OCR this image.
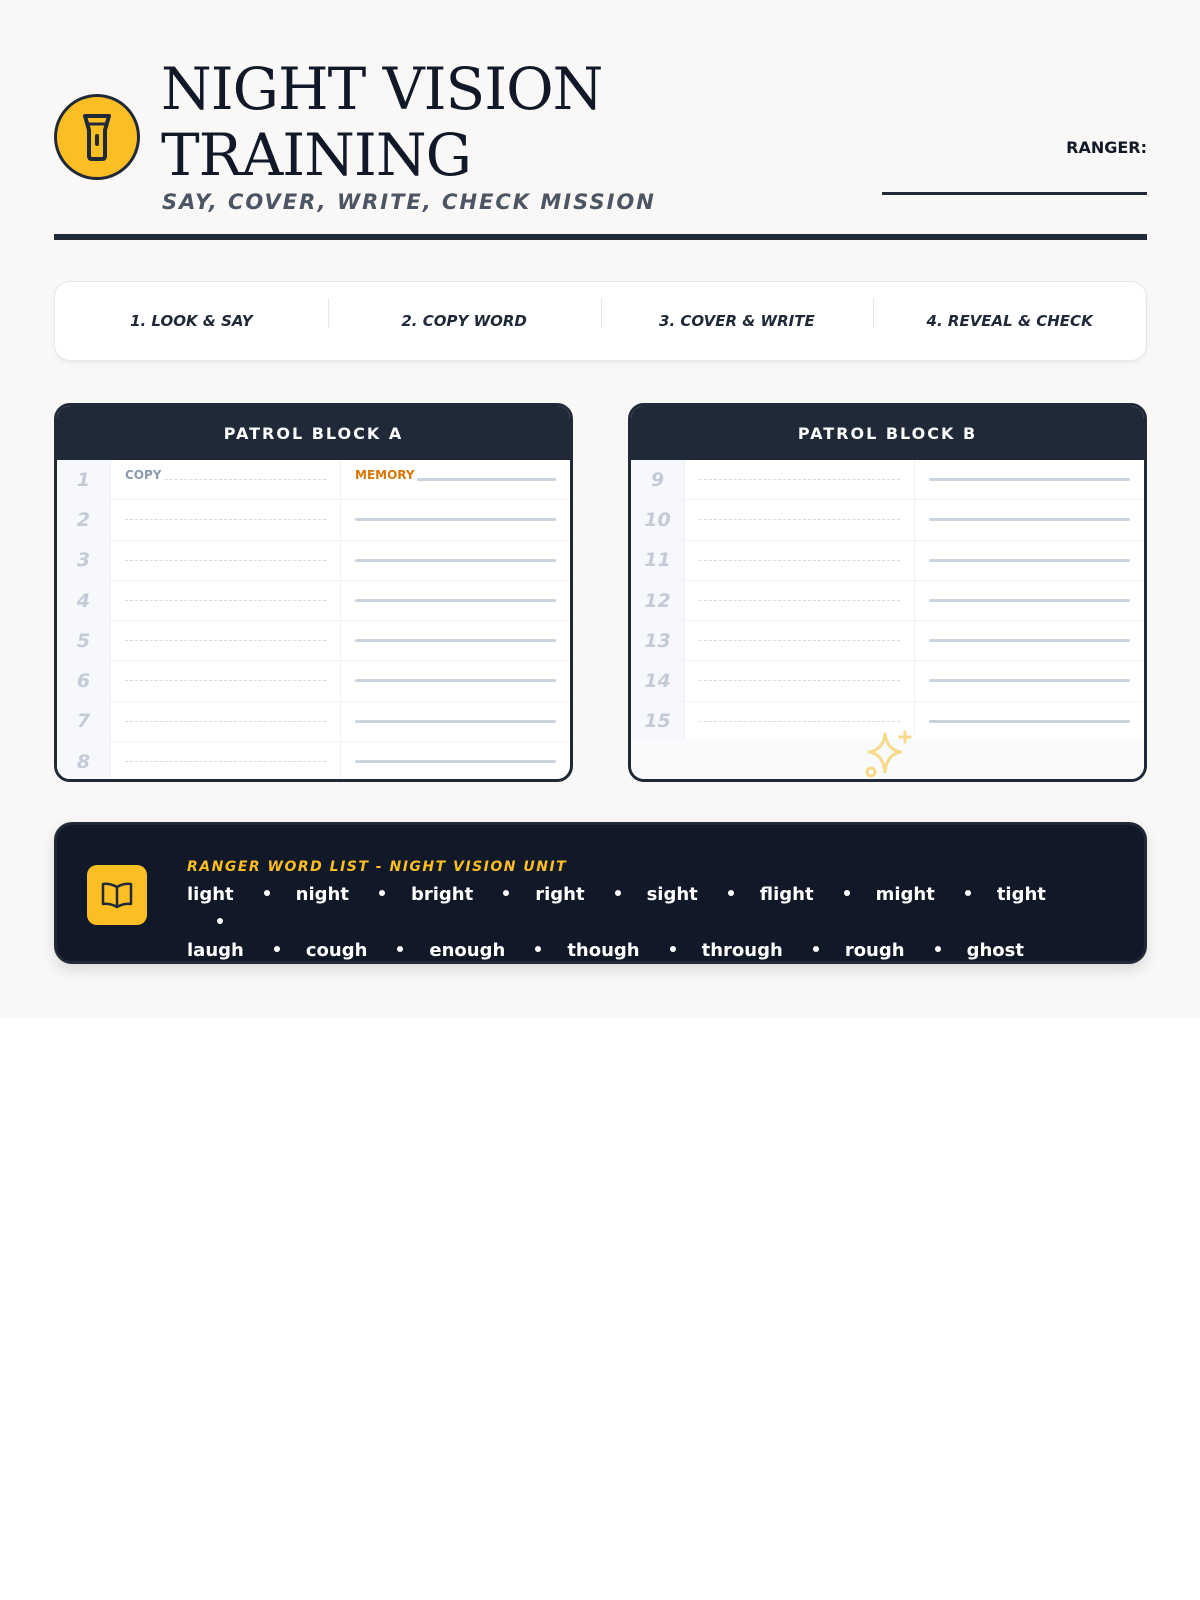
NIGHT VISION TRAINING
SAY, COVER, WRITE, CHECK MISSION
RANGER:
1. LOOK & SAY	2. COPY WORD	3. COVER & WRITE	4. REVEAL & CHECK
PATROL BLOCK A
1	COPY	MEMORY
2
3
4
5
6
7
8
PATROL BLOCK B
9
10
11
12
13
14
15
RANGER WORD LIST - NIGHT VISION UNIT
light	night	bright	right	sight	flight	might	tight
laugh	cough	enough	though	through	rough	ghost
